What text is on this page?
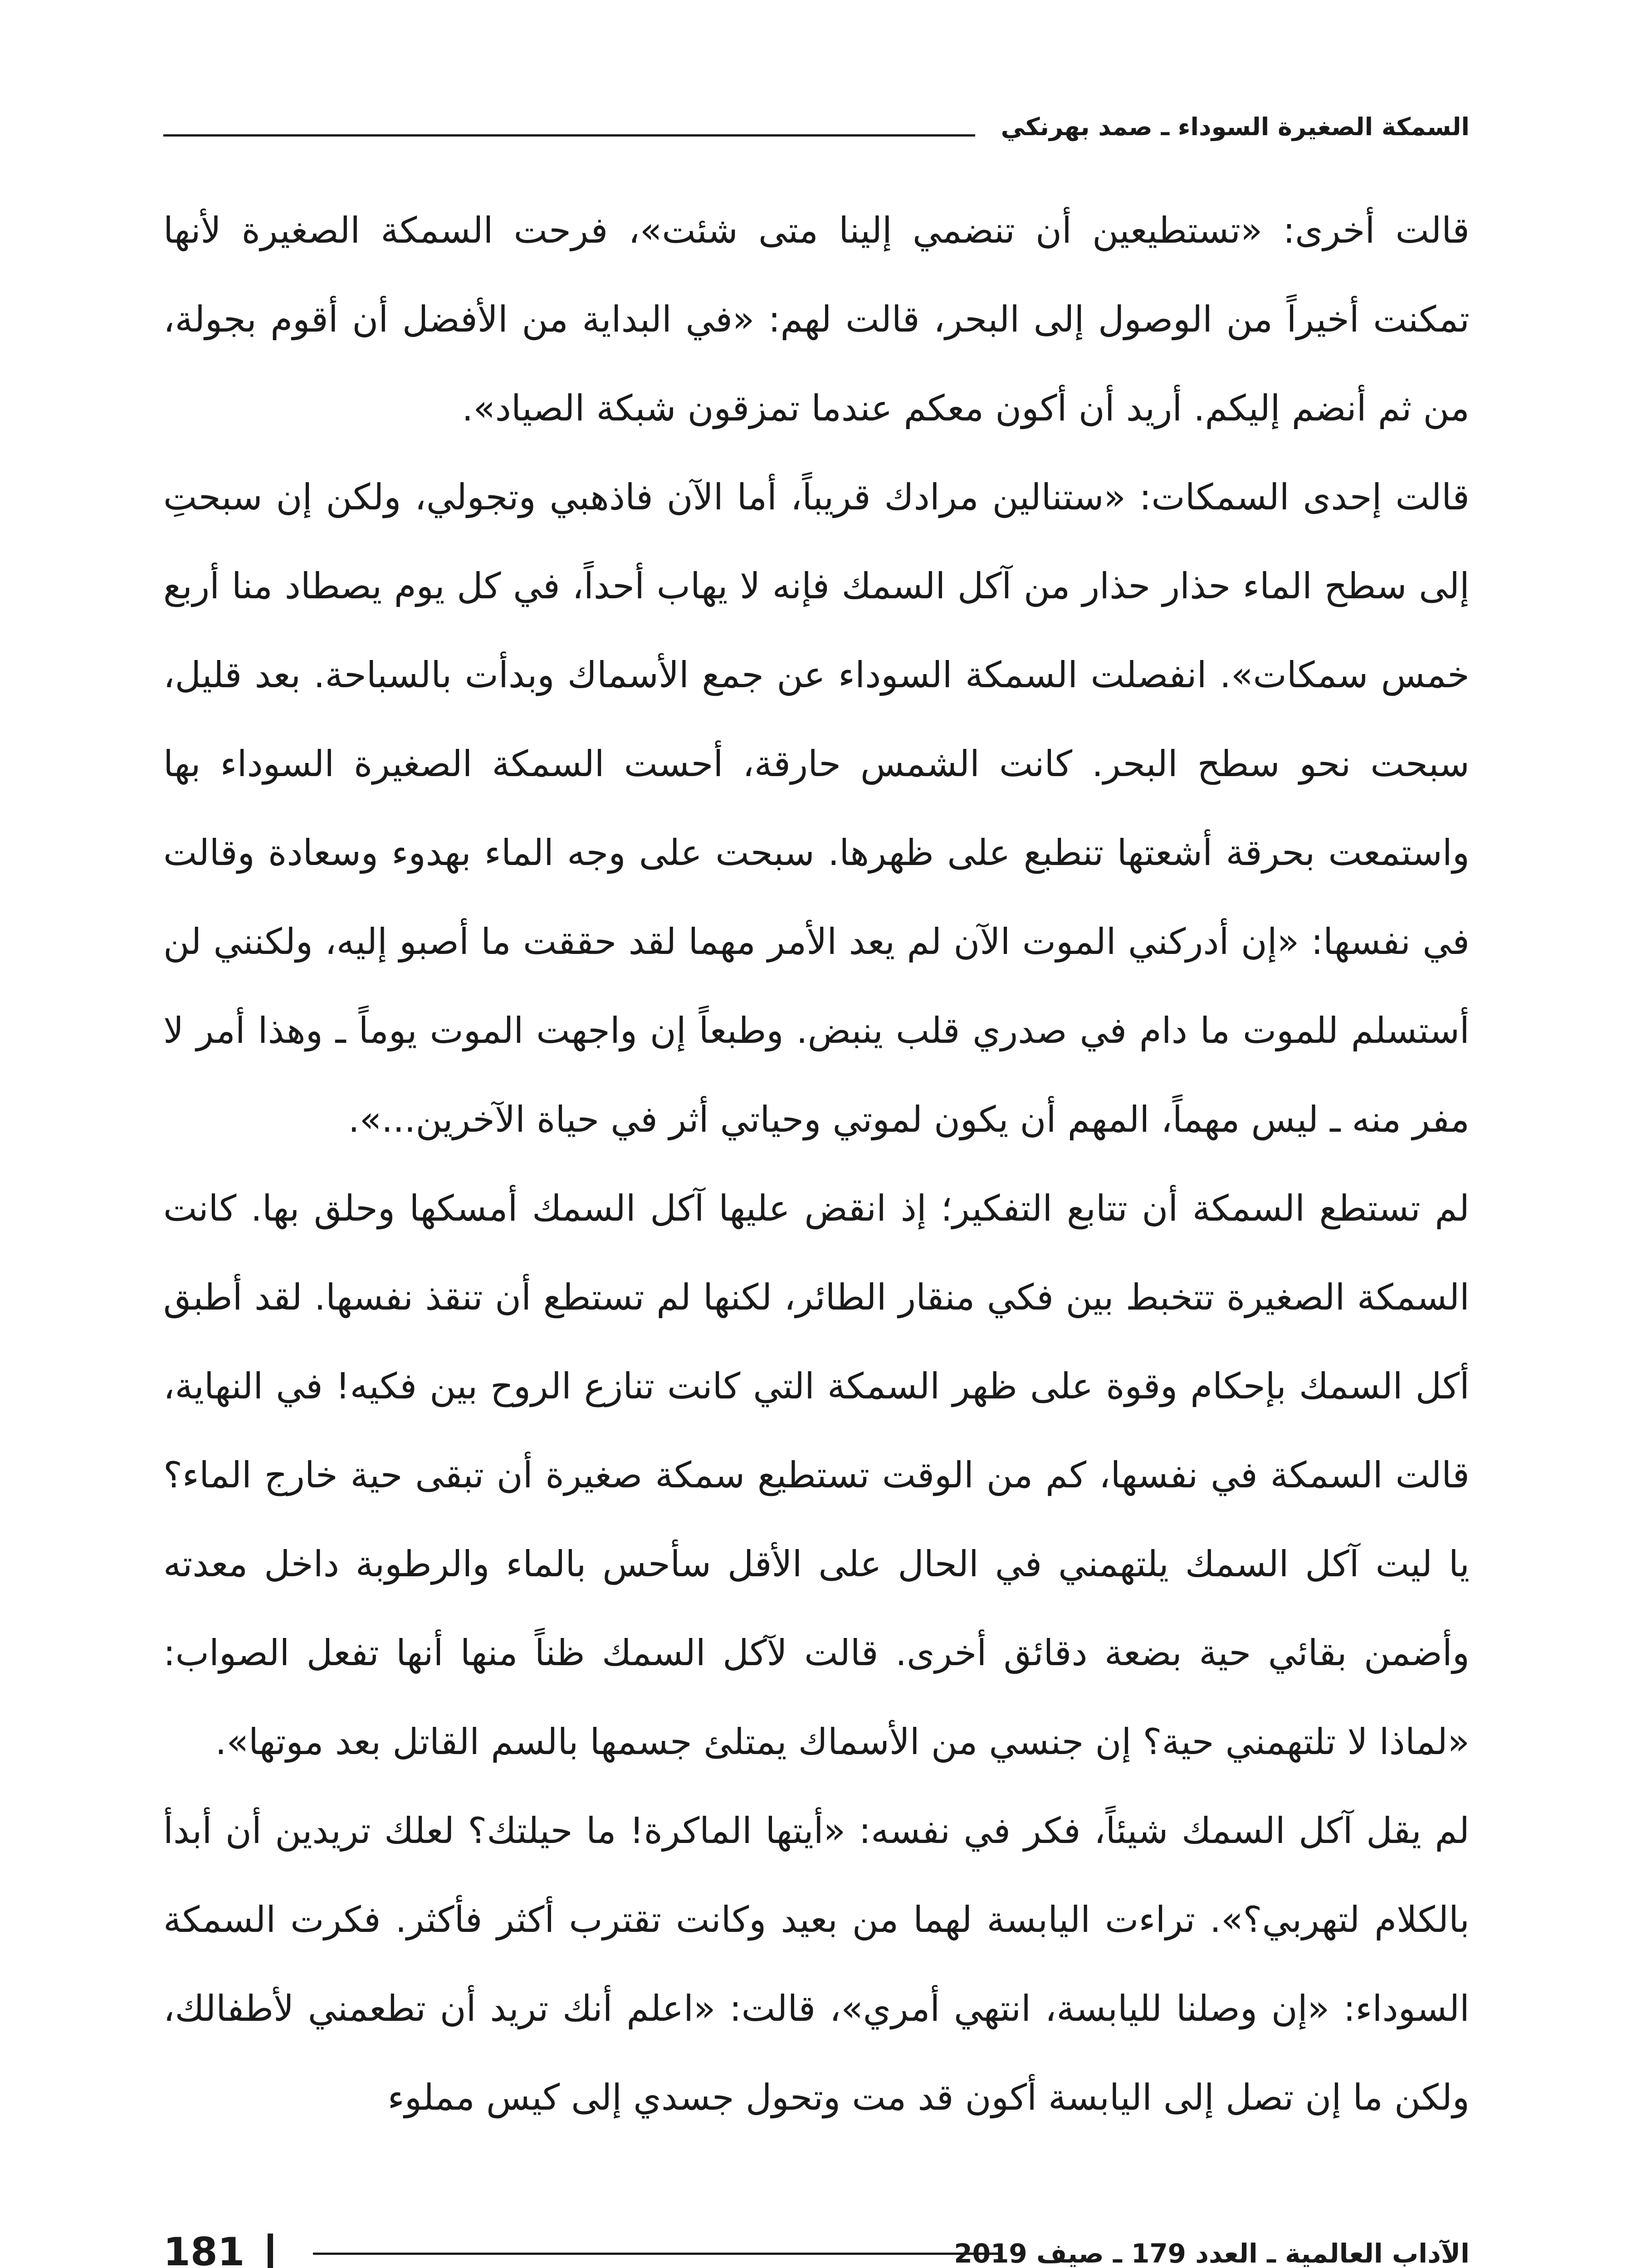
السمكة الصغيرة السوداء ـ صمد بهرنكي

قالت أخرى: «تستطيعين أن تنضمي إلينا متى شئت»، فرحت السمكة الصغيرة لأنها تمكنت أخيراً من الوصول إلى البحر، قالت لهم: «في البداية من الأفضل أن أقوم بجولة، من ثم أنضم إليكم. أريد أن أكون معكم عندما تمزقون شبكة الصياد».

قالت إحدى السمكات: «ستنالين مرادك قريباً، أما الآن فاذهبي وتجولي، ولكن إن سبحتِ إلى سطح الماء حذار حذار من آكل السمك فإنه لا يهاب أحداً، في كل يوم يصطاد منا أربع خمس سمكات». انفصلت السمكة السوداء عن جمع الأسماك وبدأت بالسباحة. بعد قليل، سبحت نحو سطح البحر. كانت الشمس حارقة، أحست السمكة الصغيرة السوداء بها واستمعت بحرقة أشعتها تنطبع على ظهرها. سبحت على وجه الماء بهدوء وسعادة وقالت في نفسها: «إن أدركني الموت الآن لم يعد الأمر مهما لقد حققت ما أصبو إليه، ولكنني لن أستسلم للموت ما دام في صدري قلب ينبض. وطبعاً إن واجهت الموت يوماً ـ وهذا أمر لا مفر منه ـ ليس مهماً، المهم أن يكون لموتي وحياتي أثر في حياة الآخرين...».

لم تستطع السمكة أن تتابع التفكير؛ إذ انقض عليها آكل السمك أمسكها وحلق بها. كانت السمكة الصغيرة تتخبط بين فكي منقار الطائر، لكنها لم تستطع أن تنقذ نفسها. لقد أطبق أكل السمك بإحكام وقوة على ظهر السمكة التي كانت تنازع الروح بين فكيه! في النهاية، قالت السمكة في نفسها، كم من الوقت تستطيع سمكة صغيرة أن تبقى حية خارج الماء؟ يا ليت آكل السمك يلتهمني في الحال على الأقل سأحس بالماء والرطوبة داخل معدته وأضمن بقائي حية بضعة دقائق أخرى. قالت لآكل السمك ظناً منها أنها تفعل الصواب: «لماذا لا تلتهمني حية؟ إن جنسي من الأسماك يمتلئ جسمها بالسم القاتل بعد موتها».

لم يقل آكل السمك شيئاً، فكر في نفسه: «أيتها الماكرة! ما حيلتك؟ لعلك تريدين أن أبدأ بالكلام لتهربي؟». تراءت اليابسة لهما من بعيد وكانت تقترب أكثر فأكثر. فكرت السمكة السوداء: «إن وصلنا لليابسة، انتهي أمري»، قالت: «اعلم أنك تريد أن تطعمني لأطفالك، ولكن ما إن تصل إلى اليابسة أكون قد مت وتحول جسدي إلى كيس مملوء

181	الآداب العالمية ـ العدد 179 ـ صيف 2019
